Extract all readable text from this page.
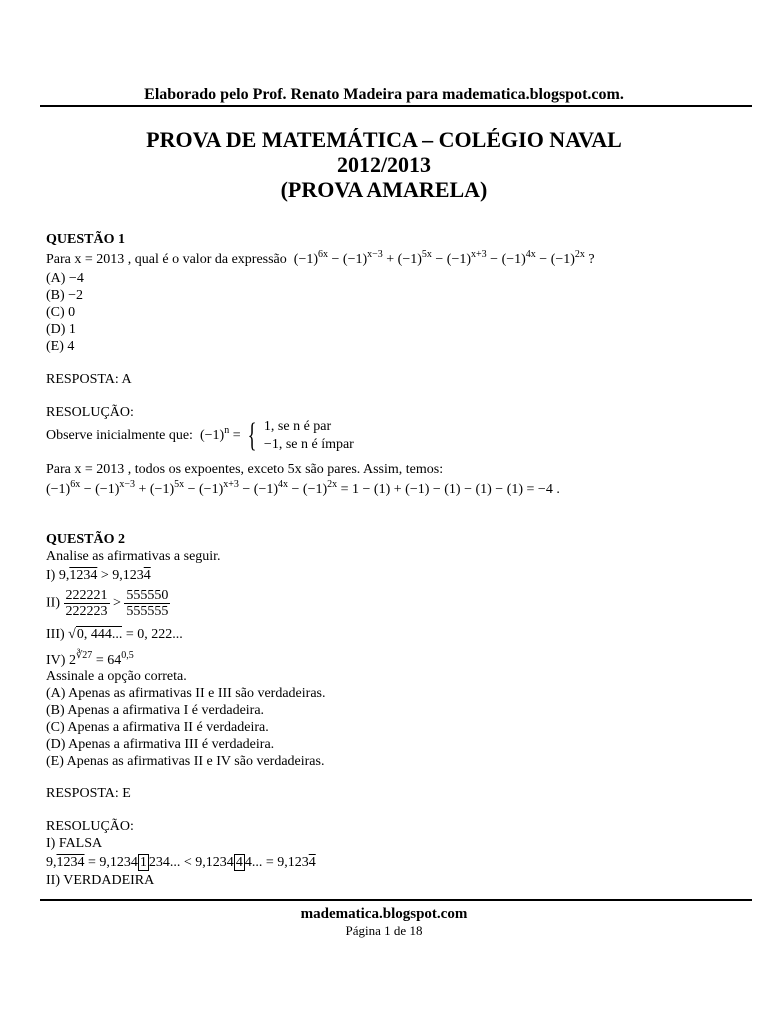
Elaborado pelo Prof. Renato Madeira para madematica.blogspot.com.
PROVA DE MATEMÁTICA – COLÉGIO NAVAL
2012/2013
(PROVA AMARELA)
QUESTÃO 1
Para x = 2013 , qual é o valor da expressão  $(-1)^{6x} - (-1)^{x-3} + (-1)^{5x} - (-1)^{x+3} - (-1)^{4x} - (-1)^{2x}$ ?
(A) −4
(B) −2
(C) 0
(D) 1
(E) 4
RESPOSTA: A
RESOLUÇÃO:
Observe inicialmente que:  $(-1)^n$ = { 1, se n é par
−1, se n é ímpar
Para x = 2013 , todos os expoentes, exceto 5x são pares. Assim, temos:
$(-1)^{6x} - (-1)^{x-3} + (-1)^{5x} - (-1)^{x+3} - (-1)^{4x} - (-1)^{2x} = 1 - (1) + (-1) - (1) - (1) - (1) = -4$ .
QUESTÃO 2
Analise as afirmativas a seguir.
I) 9,1234 > 9,1234
$II) \frac{222221}{222223} > \frac{555550}{555555}$
III) √0, 444... = 0, 222...
IV) $2^{∛27} = 64^{0,5}$
Assinale a opção correta.
(A) Apenas as afirmativas II e III são verdadeiras.
(B) Apenas a afirmativa I é verdadeira.
(C) Apenas a afirmativa II é verdadeira.
(D) Apenas a afirmativa III é verdadeira.
(E) Apenas as afirmativas II e IV são verdadeiras.
RESPOSTA: E
RESOLUÇÃO:
I) FALSA
9,1234 = 9,1234 1 234... < 9,1234 4 4... = 9,1234
II) VERDADEIRA
madematica.blogspot.com
Página 1 de 18
